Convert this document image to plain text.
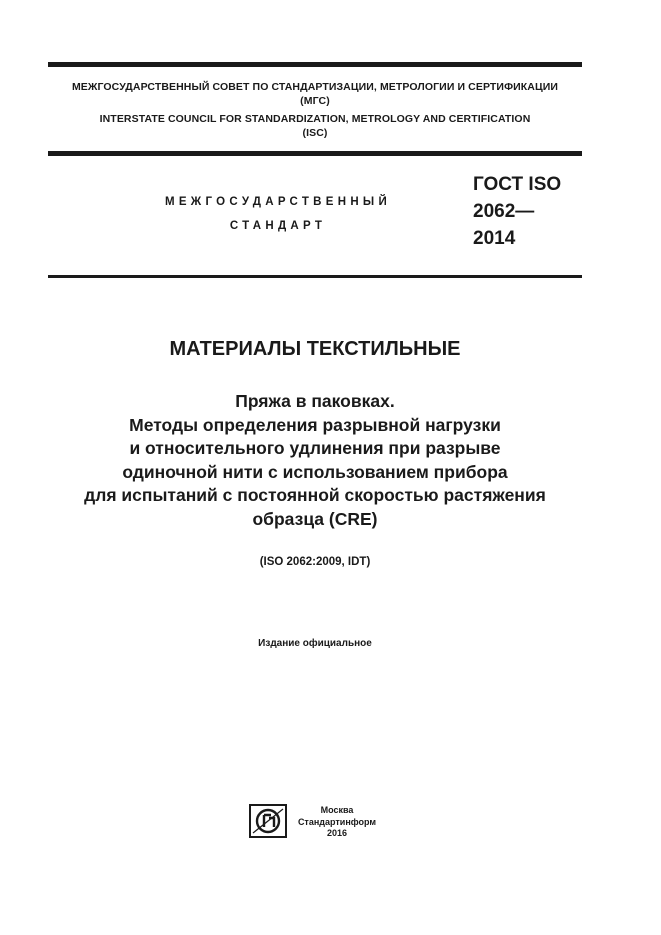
МЕЖГОСУДАРСТВЕННЫЙ СОВЕТ ПО СТАНДАРТИЗАЦИИ, МЕТРОЛОГИИ И СЕРТИФИКАЦИИ
(МГС)
INTERSTATE COUNCIL FOR STANDARDIZATION, METROLOGY AND CERTIFICATION
(ISC)
МЕЖГОСУДАРСТВЕННЫЙ
СТАНДАРТ
ГОСТ ISO
2062—
2014
МАТЕРИАЛЫ ТЕКСТИЛЬНЫЕ
Пряжа в паковках.
Методы определения разрывной нагрузки
и относительного удлинения при разрыве
одиночной нити с использованием прибора
для испытаний с постоянной скоростью растяжения
образца (CRE)
(ISO 2062:2009, IDT)
Издание официальное
Москва
Стандартинформ
2016
